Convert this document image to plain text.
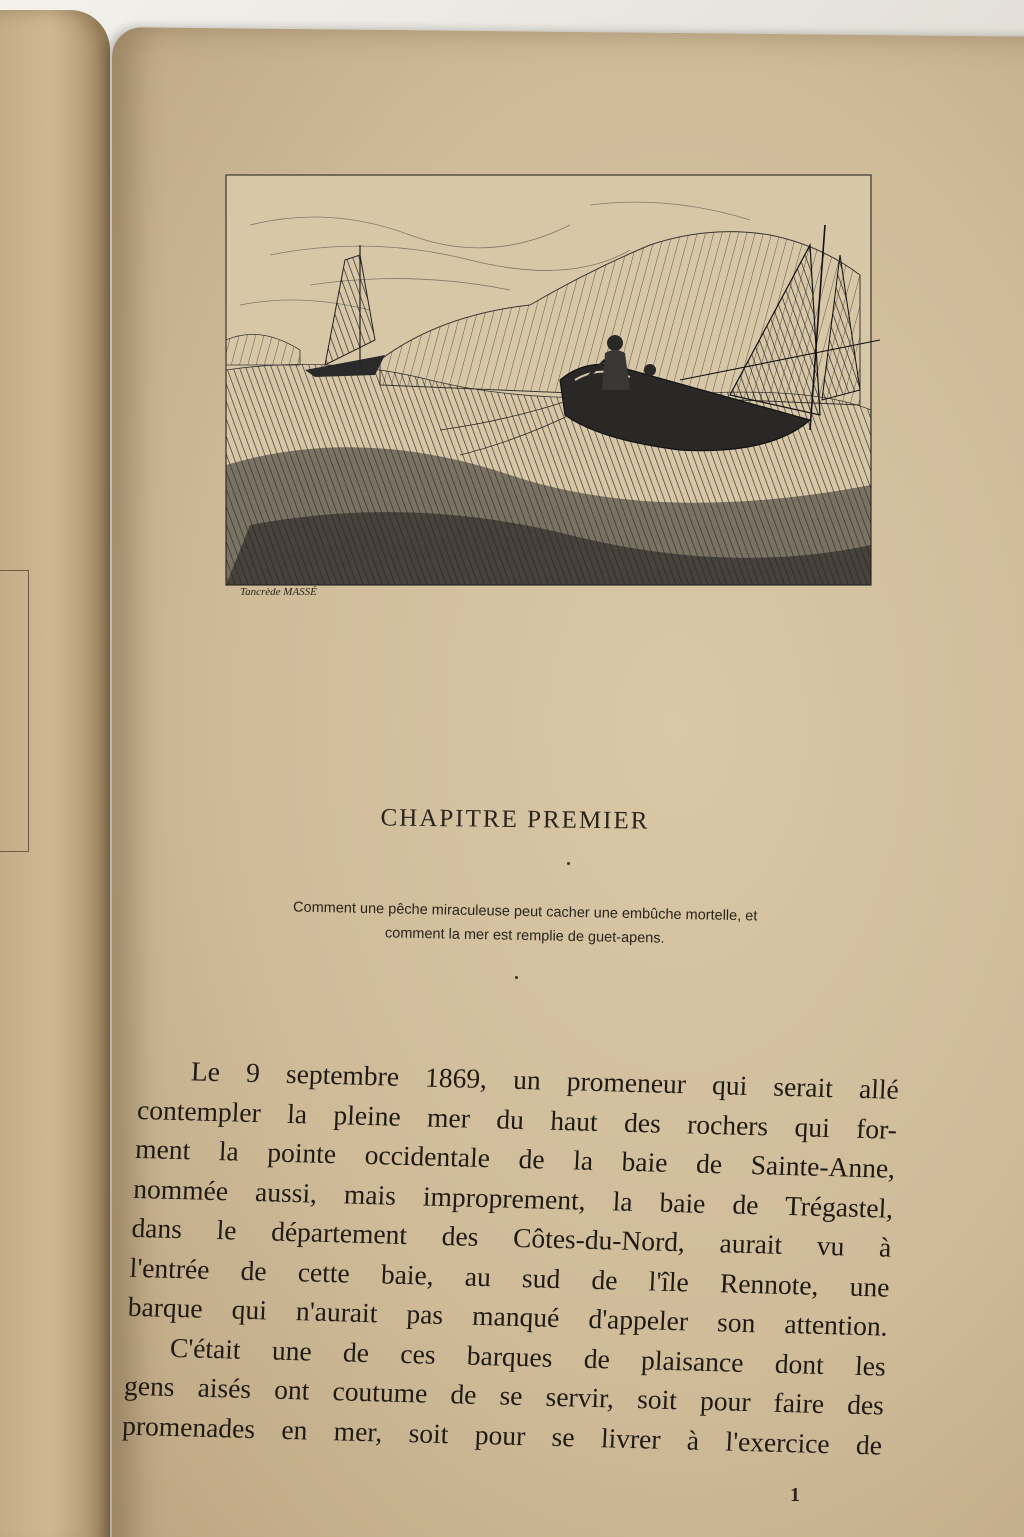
Tancrède MASSÉ
CHAPITRE PREMIER
Comment une pêche miraculeuse peut cacher une embûche mortelle, et
comment la mer est remplie de guet-apens.
Le 9 septembre 1869, un promeneur qui serait allé
contempler la pleine mer du haut des rochers qui for-
ment la pointe occidentale de la baie de Sainte-Anne,
nommée aussi, mais improprement, la baie de Trégastel,
dans le département des Côtes-du-Nord, aurait vu à
l'entrée de cette baie, au sud de l'île Rennote, une
barque qui n'aurait pas manqué d'appeler son attention.
C'était une de ces barques de plaisance dont les
gens aisés ont coutume de se servir, soit pour faire des
promenades en mer, soit pour se livrer à l'exercice de
1
